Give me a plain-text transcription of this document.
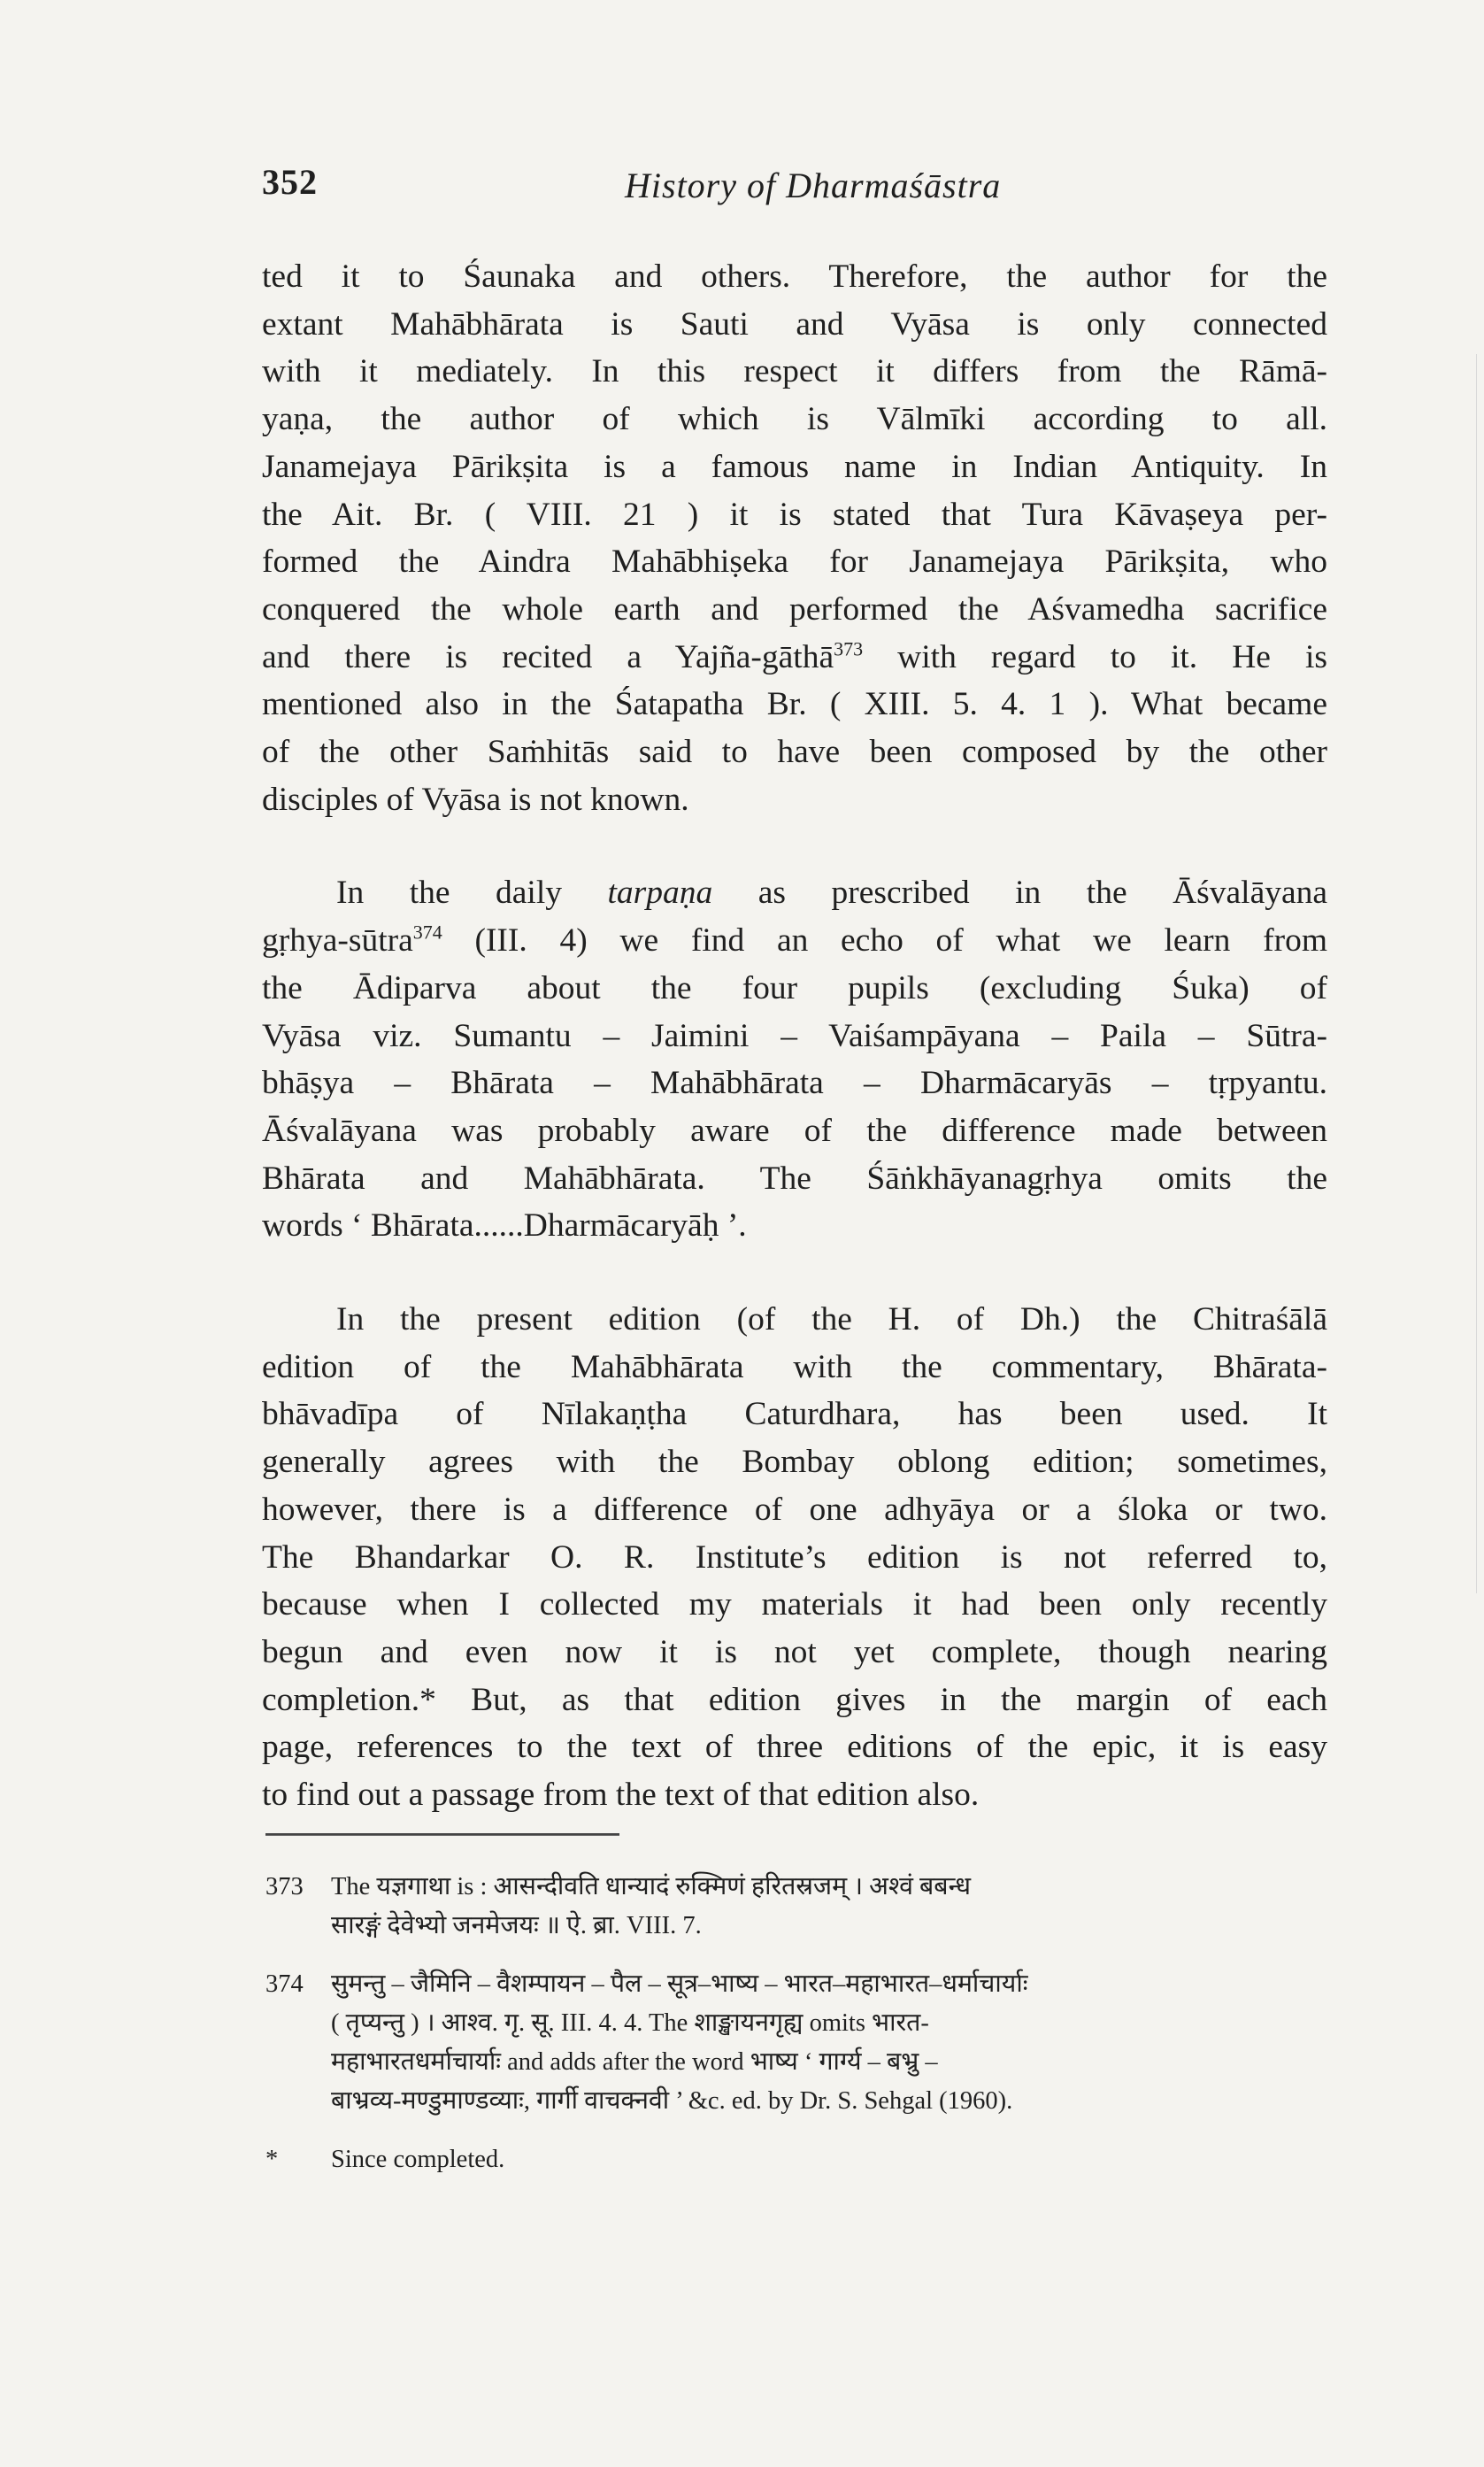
352	History of Dharmaśāstra

ted it to Śaunaka and others. Therefore, the author for the
extant Mahābhārata is Sauti and Vyāsa is only connected
with it mediately. In this respect it differs from the Rāmā-
yaṇa, the author of which is Vālmīki according to all.
Janamejaya Pārikṣita is a famous name in Indian Antiquity. In
the Ait. Br. ( VIII. 21 ) it is stated that Tura Kāvaṣeya per-
formed the Aindra Mahābhiṣeka for Janamejaya Pārikṣita, who
conquered the whole earth and performed the Aśvamedha sacrifice
and there is recited a Yajña-gāthā$^{373}$ with regard to it. He is
mentioned also in the Śatapatha Br. ( XIII. 5. 4. 1 ). What became
of the other Saṁhitās said to have been composed by the other
disciples of Vyāsa is not known.

In the daily tarpaṇa as prescribed in the Āśvalāyana
gṛhya-sūtra$^{374}$ (III. 4) we find an echo of what we learn from
the Ādiparva about the four pupils (excluding Śuka) of
Vyāsa viz. Sumantu – Jaimini – Vaiśampāyana – Paila – Sūtra-
bhāṣya – Bhārata – Mahābhārata – Dharmācaryās – tṛpyantu.
Āśvalāyana was probably aware of the difference made between
Bhārata and Mahābhārata. The Śāṅkhāyanagṛhya omits the
words ‘ Bhārata......Dharmācaryāḥ ’.

In the present edition (of the H. of Dh.) the Chitraśālā
edition of the Mahābhārata with the commentary, Bhārata-
bhāvadīpa of Nīlakaṇṭha Caturdhara, has been used. It
generally agrees with the Bombay oblong edition; sometimes,
however, there is a difference of one adhyāya or a śloka or two.
The Bhandarkar O. R. Institute’s edition is not referred to,
because when I collected my materials it had been only recently
begun and even now it is not yet complete, though nearing
completion.* But, as that edition gives in the margin of each
page, references to the text of three editions of the epic, it is easy
to find out a passage from the text of that edition also.

373	The यज्ञगाथा is : आसन्दीवति धान्यादं रुक्मिणं हरितस्रजम् । अश्वं बबन्ध
सारङ्गं देवेभ्यो जनमेजयः ॥ ऐ. ब्रा. VIII. 7.
374	सुमन्तु – जैमिनि – वैशम्पायन – पैल – सूत्र–भाष्य – भारत–महाभारत–धर्माचार्याः
( तृप्यन्तु ) । आश्व. गृ. सू. III. 4. 4. The शाङ्खायनगृह्य omits भारत-
महाभारतधर्माचार्याः and adds after the word भाष्य ‘ गार्ग्य – बभ्रु –
बाभ्रव्य-मण्डुमाण्डव्याः, गार्गी वाचक्नवी ’ &c. ed. by Dr. S. Sehgal (1960).
*	Since completed.
